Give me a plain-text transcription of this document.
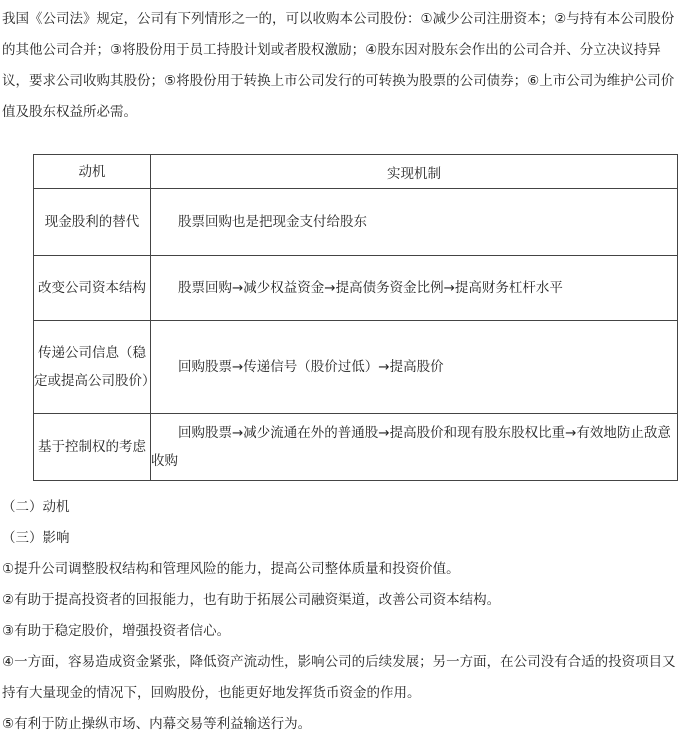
我国《公司法》规定，公司有下列情形之一的，可以收购本公司股份：①减少公司注册资本；②与持有本公司股份的其他公司合并；③将股份用于员工持股计划或者股权激励；④股东因对股东会作出的公司合并、分立决议持异议，要求公司收购其股份；⑤将股份用于转换上市公司发行的可转换为股票的公司债券；⑥上市公司为维护公司价值及股东权益所必需。

动机	实现机制
现金股利的替代	股票回购也是把现金支付给股东
改变公司资本结构	股票回购→减少权益资金→提高债务资金比例→提高财务杠杆水平
传递公司信息（稳定或提高公司股价）	回购股票→传递信号（股价过低）→提高股价
基于控制权的考虑	回购股票→减少流通在外的普通股→提高股价和现有股东股权比重→有效地防止敌意收购

（二）动机

（三）影响

①提升公司调整股权结构和管理风险的能力，提高公司整体质量和投资价值。

②有助于提高投资者的回报能力，也有助于拓展公司融资渠道，改善公司资本结构。

③有助于稳定股价，增强投资者信心。

④一方面，容易造成资金紧张，降低资产流动性，影响公司的后续发展；另一方面，在公司没有合适的投资项目又持有大量现金的情况下，回购股份，也能更好地发挥货币资金的作用。

⑤有利于防止操纵市场、内幕交易等利益输送行为。
